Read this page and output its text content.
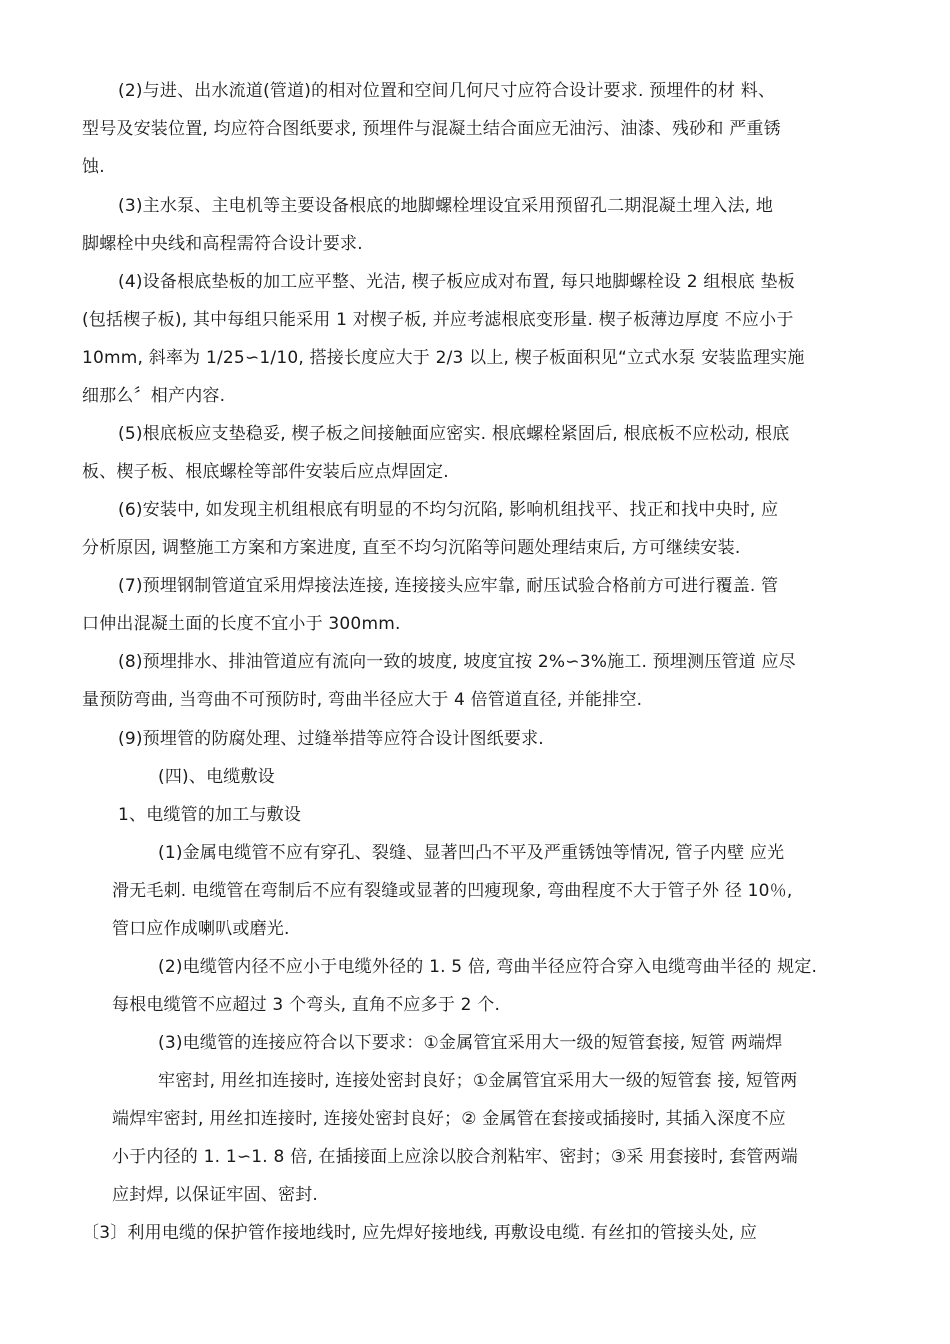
(2)与进、出水流道(管道)的相对位置和空间几何尺寸应符合设计要求. 预埋件的材 料、

型号及安装位置, 均应符合图纸要求, 预埋件与混凝土结合面应无油污、油漆、残砂和 严重锈

蚀.

(3)主水泵、主电机等主要设备根底的地脚螺栓埋设宜采用预留孔二期混凝土埋入法, 地

脚螺栓中央线和高程需符合设计要求.

(4)设备根底垫板的加工应平整、光洁, 楔子板应成对布置, 每只地脚螺栓设 2 组根底 垫板

(包括楔子板), 其中每组只能采用 1 对楔子板, 并应考滤根底变形量. 楔子板薄边厚度 不应小于

10mm, 斜率为 1/25∽1/10, 搭接长度应大于 2/3 以上, 楔子板面积见“立式水泵 安装监理实施

细那么〞相产内容.

(5)根底板应支垫稳妥, 楔子板之间接触面应密实. 根底螺栓紧固后, 根底板不应松动, 根底

板、楔子板、根底螺栓等部件安装后应点焊固定.

(6)安装中, 如发现主机组根底有明显的不均匀沉陷, 影响机组找平、找正和找中央时, 应

分析原因, 调整施工方案和方案进度, 直至不均匀沉陷等问题处理结束后, 方可继续安装.

(7)预埋钢制管道宜采用焊接法连接, 连接接头应牢靠, 耐压试验合格前方可进行覆盖. 管

口伸出混凝土面的长度不宜小于 300mm.

(8)预埋排水、排油管道应有流向一致的坡度, 坡度宜按 2%∽3%施工. 预埋测压管道 应尽

量预防弯曲, 当弯曲不可预防时, 弯曲半径应大于 4 倍管道直径, 并能排空.

(9)预埋管的防腐处理、过缝举措等应符合设计图纸要求.

(四)、电缆敷设

1、电缆管的加工与敷设

(1)金属电缆管不应有穿孔、裂缝、显著凹凸不平及严重锈蚀等情况, 管子内壁 应光

滑无毛刺. 电缆管在弯制后不应有裂缝或显著的凹瘦现象, 弯曲程度不大于管子外 径 10％,

管口应作成喇叭或磨光.

(2)电缆管内径不应小于电缆外径的 1. 5 倍, 弯曲半径应符合穿入电缆弯曲半径的 规定.

每根电缆管不应超过 3 个弯头, 直角不应多于 2 个.

(3)电缆管的连接应符合以下要求：①金属管宜采用大一级的短管套接, 短管 两端焊

牢密封, 用丝扣连接时, 连接处密封良好；①金属管宜采用大一级的短管套 接, 短管两

端焊牢密封, 用丝扣连接时, 连接处密封良好；② 金属管在套接或插接时, 其插入深度不应

小于内径的 1. 1∽1. 8 倍, 在插接面上应涂以胶合剂粘牢、密封；③采 用套接时, 套管两端

应封焊, 以保证牢固、密封.

〔3〕利用电缆的保护管作接地线时, 应先焊好接地线, 再敷设电缆. 有丝扣的管接头处, 应
